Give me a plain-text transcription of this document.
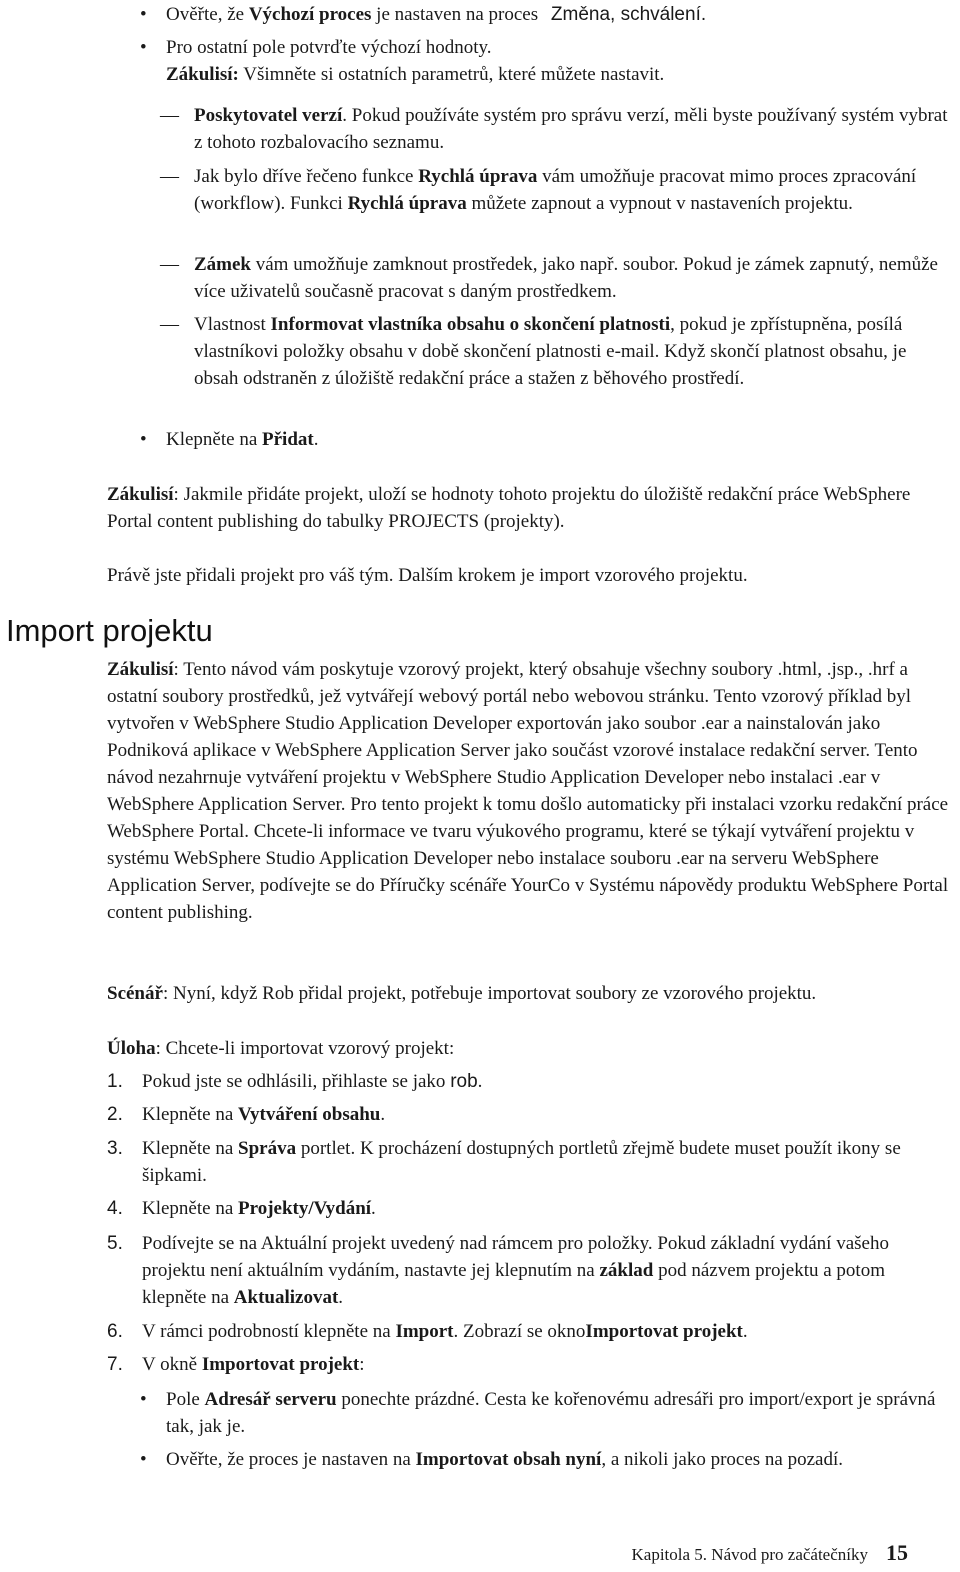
• Ověřte, že Výchozí proces je nastaven na proces Změna, schválení.
• Pro ostatní pole potvrďte výchozí hodnoty.
Zákulisí: Všimněte si ostatních parametrů, které můžete nastavit.
— Poskytovatel verzí. Pokud používáte systém pro správu verzí, měli byste používaný systém vybrat z tohoto rozbalovacího seznamu.
— Jak bylo dříve řečeno funkce Rychlá úprava vám umožňuje pracovat mimo proces zpracování (workflow). Funkci Rychlá úprava můžete zapnout a vypnout v nastaveních projektu.
— Zámek vám umožňuje zamknout prostředek, jako např. soubor. Pokud je zámek zapnutý, nemůže více uživatelů současně pracovat s daným prostředkem.
— Vlastnost Informovat vlastníka obsahu o skončení platnosti, pokud je zpřístupněna, posílá vlastníkovi položky obsahu v době skončení platnosti e-mail. Když skončí platnost obsahu, je obsah odstraněn z úložiště redakční práce a stažen z běhového prostředí.
• Klepněte na Přidat.
Zákulisí: Jakmile přidáte projekt, uloží se hodnoty tohoto projektu do úložiště redakční práce WebSphere Portal content publishing do tabulky PROJECTS (projekty).
Právě jste přidali projekt pro váš tým. Dalším krokem je import vzorového projektu.
Import projektu
Zákulisí: Tento návod vám poskytuje vzorový projekt, který obsahuje všechny soubory .html, .jsp., .hrf a ostatní soubory prostředků, jež vytvářejí webový portál nebo webovou stránku. Tento vzorový příklad byl vytvořen v WebSphere Studio Application Developer exportován jako soubor .ear a nainstalován jako Podniková aplikace v WebSphere Application Server jako součást vzorové instalace redakční server. Tento návod nezahrnuje vytváření projektu v WebSphere Studio Application Developer nebo instalaci .ear v WebSphere Application Server. Pro tento projekt k tomu došlo automaticky při instalaci vzorku redakční práce WebSphere Portal. Chcete-li informace ve tvaru výukového programu, které se týkají vytváření projektu v systému WebSphere Studio Application Developer nebo instalace souboru .ear na serveru WebSphere Application Server, podívejte se do Příručky scénáře YourCo v Systému nápovědy produktu WebSphere Portal content publishing.
Scénář: Nyní, když Rob přidal projekt, potřebuje importovat soubory ze vzorového projektu.
Úloha: Chcete-li importovat vzorový projekt:
1. Pokud jste se odhlásili, přihlaste se jako rob.
2. Klepněte na Vytváření obsahu.
3. Klepněte na Správa portlet. K procházení dostupných portletů zřejmě budete muset použít ikony se šipkami.
4. Klepněte na Projekty/Vydání.
5. Podívejte se na Aktuální projekt uvedený nad rámcem pro položky. Pokud základní vydání vašeho projektu není aktuálním vydáním, nastavte jej klepnutím na základ pod názvem projektu a potom klepněte na Aktualizovat.
6. V rámci podrobností klepněte na Import. Zobrazí se oknoImportovat projekt.
7. V okně Importovat projekt:
• Pole Adresář serveru ponechte prázdné. Cesta ke kořenovému adresáři pro import/export je správná tak, jak je.
• Ověřte, že proces je nastaven na Importovat obsah nyní, a nikoli jako proces na pozadí.
Kapitola 5. Návod pro začátečníky 15
